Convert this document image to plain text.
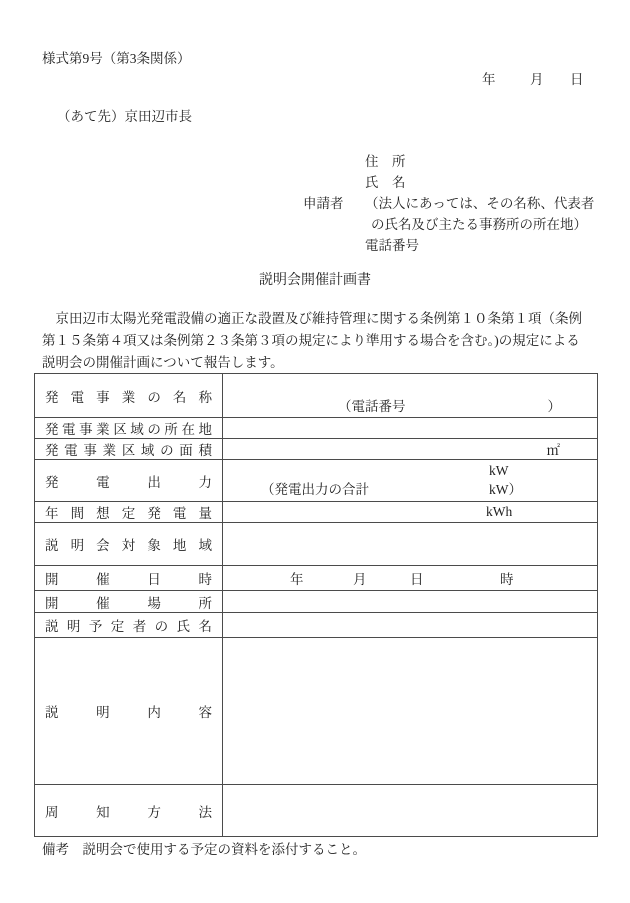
様式第9号（第3条関係）
年	月 日
（あて先）京田辺市長
住　所
氏　名
申請者 （法人にあっては、その名称、代表者
の氏名及び主たる事務所の所在地）
電話番号
説明会開催計画書
　京田辺市太陽光発電設備の適正な設置及び維持管理に関する条例第１０条第１項（条例
第１５条第４項又は条例第２３条第３項の規定により準用する場合を含む。)の規定による
説明会の開催計画について報告します。
発電事業の名称	（電話番号 ）

発電事業区域の所在地	
発電事業区域の面積	㎡

発電出力	kW
（発電出力の合計 kW）

年間想定発電量	kWh

説明会対象地域	
開催日時	年 月 日 時

開催場所	
説明予定者の氏名	
説明内容	
周知方法	
備考　説明会で使用する予定の資料を添付すること。
